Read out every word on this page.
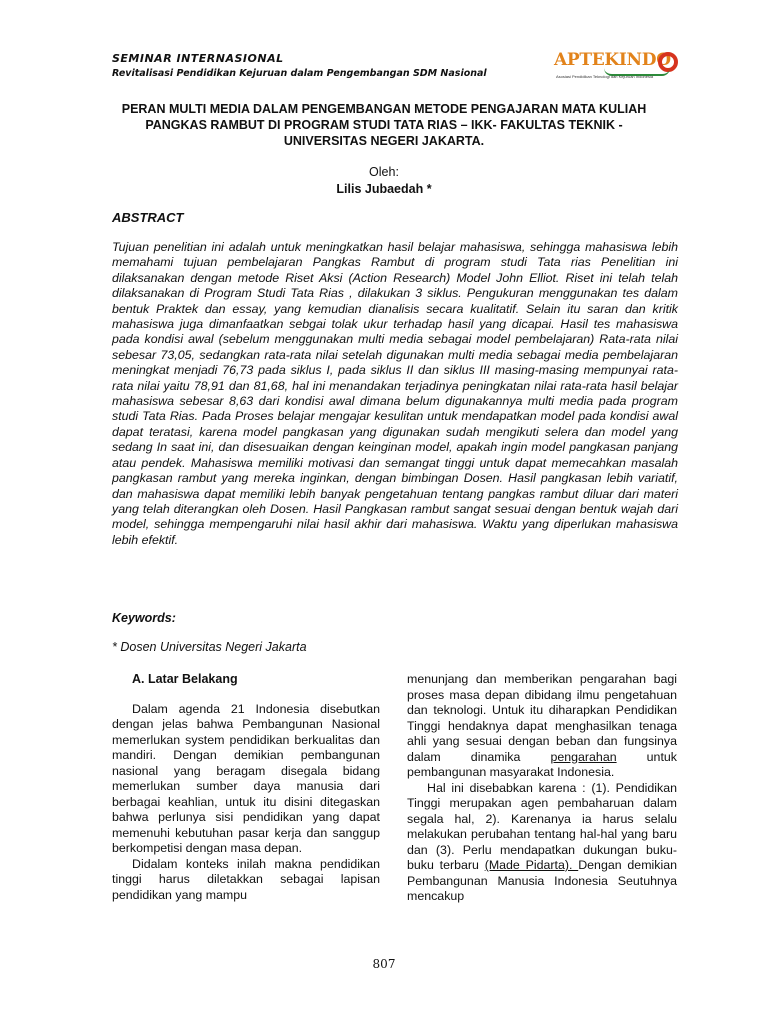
SEMINAR INTERNASIONAL
Revitalisasi Pendidikan Kejuruan dalam Pengembangan SDM Nasional
APTEKINDO
Asosiasi Pendidikan Teknologi dan Kejuruan Indonesia
PERAN MULTI MEDIA DALAM PENGEMBANGAN METODE PENGAJARAN MATA KULIAH PANGKAS RAMBUT DI PROGRAM STUDI TATA RIAS – IKK- FAKULTAS TEKNIK -UNIVERSITAS NEGERI JAKARTA.
Oleh:
Lilis Jubaedah *
ABSTRACT
Tujuan penelitian ini adalah untuk meningkatkan hasil belajar mahasiswa, sehingga mahasiswa lebih memahami tujuan pembelajaran Pangkas Rambut di program studi Tata rias Penelitian ini dilaksanakan dengan metode Riset Aksi (Action Research) Model John Elliot. Riset ini telah telah dilaksanakan di Program Studi Tata Rias , dilakukan 3 siklus. Pengukuran menggunakan tes dalam bentuk Praktek dan essay, yang kemudian dianalisis secara kualitatif. Selain itu saran dan kritik mahasiswa juga dimanfaatkan sebgai tolak ukur terhadap hasil yang dicapai. Hasil tes mahasiswa pada kondisi awal (sebelum menggunakan multi media sebagai model pembelajaran) Rata-rata nilai sebesar 73,05, sedangkan rata-rata nilai setelah digunakan multi media sebagai media pembelajaran meningkat menjadi 76,73 pada siklus I, pada siklus II dan siklus III masing-masing mempunyai rata-rata nilai yaitu 78,91 dan 81,68, hal ini menandakan terjadinya peningkatan nilai rata-rata hasil belajar mahasiswa sebesar 8,63 dari kondisi awal dimana belum digunakannya multi media pada program studi Tata Rias. Pada Proses belajar mengajar kesulitan untuk mendapatkan model pada kondisi awal dapat teratasi, karena model pangkasan yang digunakan sudah mengikuti selera dan model yang sedang In saat ini, dan disesuaikan dengan keinginan model, apakah ingin model pangkasan panjang atau pendek. Mahasiswa memiliki motivasi dan semangat tinggi untuk dapat memecahkan masalah pangkasan rambut yang mereka inginkan, dengan bimbingan Dosen. Hasil pangkasan lebih variatif, dan mahasiswa dapat memiliki lebih banyak pengetahuan tentang pangkas rambut diluar dari materi yang telah diterangkan oleh Dosen. Hasil Pangkasan rambut sangat sesuai dengan bentuk wajah dari model, sehingga mempengaruhi nilai hasil akhir dari mahasiswa. Waktu yang diperlukan mahasiswa lebih efektif.
Keywords:
* Dosen Universitas Negeri Jakarta
A. Latar Belakang

Dalam agenda 21 Indonesia disebutkan dengan jelas bahwa Pembangunan Nasional memerlukan system pendidikan berkualitas dan mandiri. Dengan demikian pembangunan nasional yang beragam disegala bidang memerlukan sumber daya manusia dari berbagai keahlian, untuk itu disini ditegaskan bahwa perlunya sisi pendidikan yang dapat memenuhi kebutuhan pasar kerja dan sanggup berkompetisi dengan masa depan.

Didalam konteks inilah makna pendidikan tinggi harus diletakkan sebagai lapisan pendidikan yang mampu

menunjang dan memberikan pengarahan bagi proses masa depan dibidang ilmu pengetahuan dan teknologi. Untuk itu diharapkan Pendidikan Tinggi hendaknya dapat menghasilkan tenaga ahli yang sesuai dengan beban dan fungsinya dalam dinamika pengarahan untuk pembangunan masyarakat Indonesia.

Hal ini disebabkan karena : (1). Pendidikan Tinggi merupakan agen pembaharuan dalam segala hal, 2). Karenanya ia harus selalu melakukan perubahan tentang hal-hal yang baru dan (3). Perlu mendapatkan dukungan buku-buku terbaru (Made Pidarta). Dengan demikian Pembangunan Manusia Indonesia Seutuhnya mencakup

807
